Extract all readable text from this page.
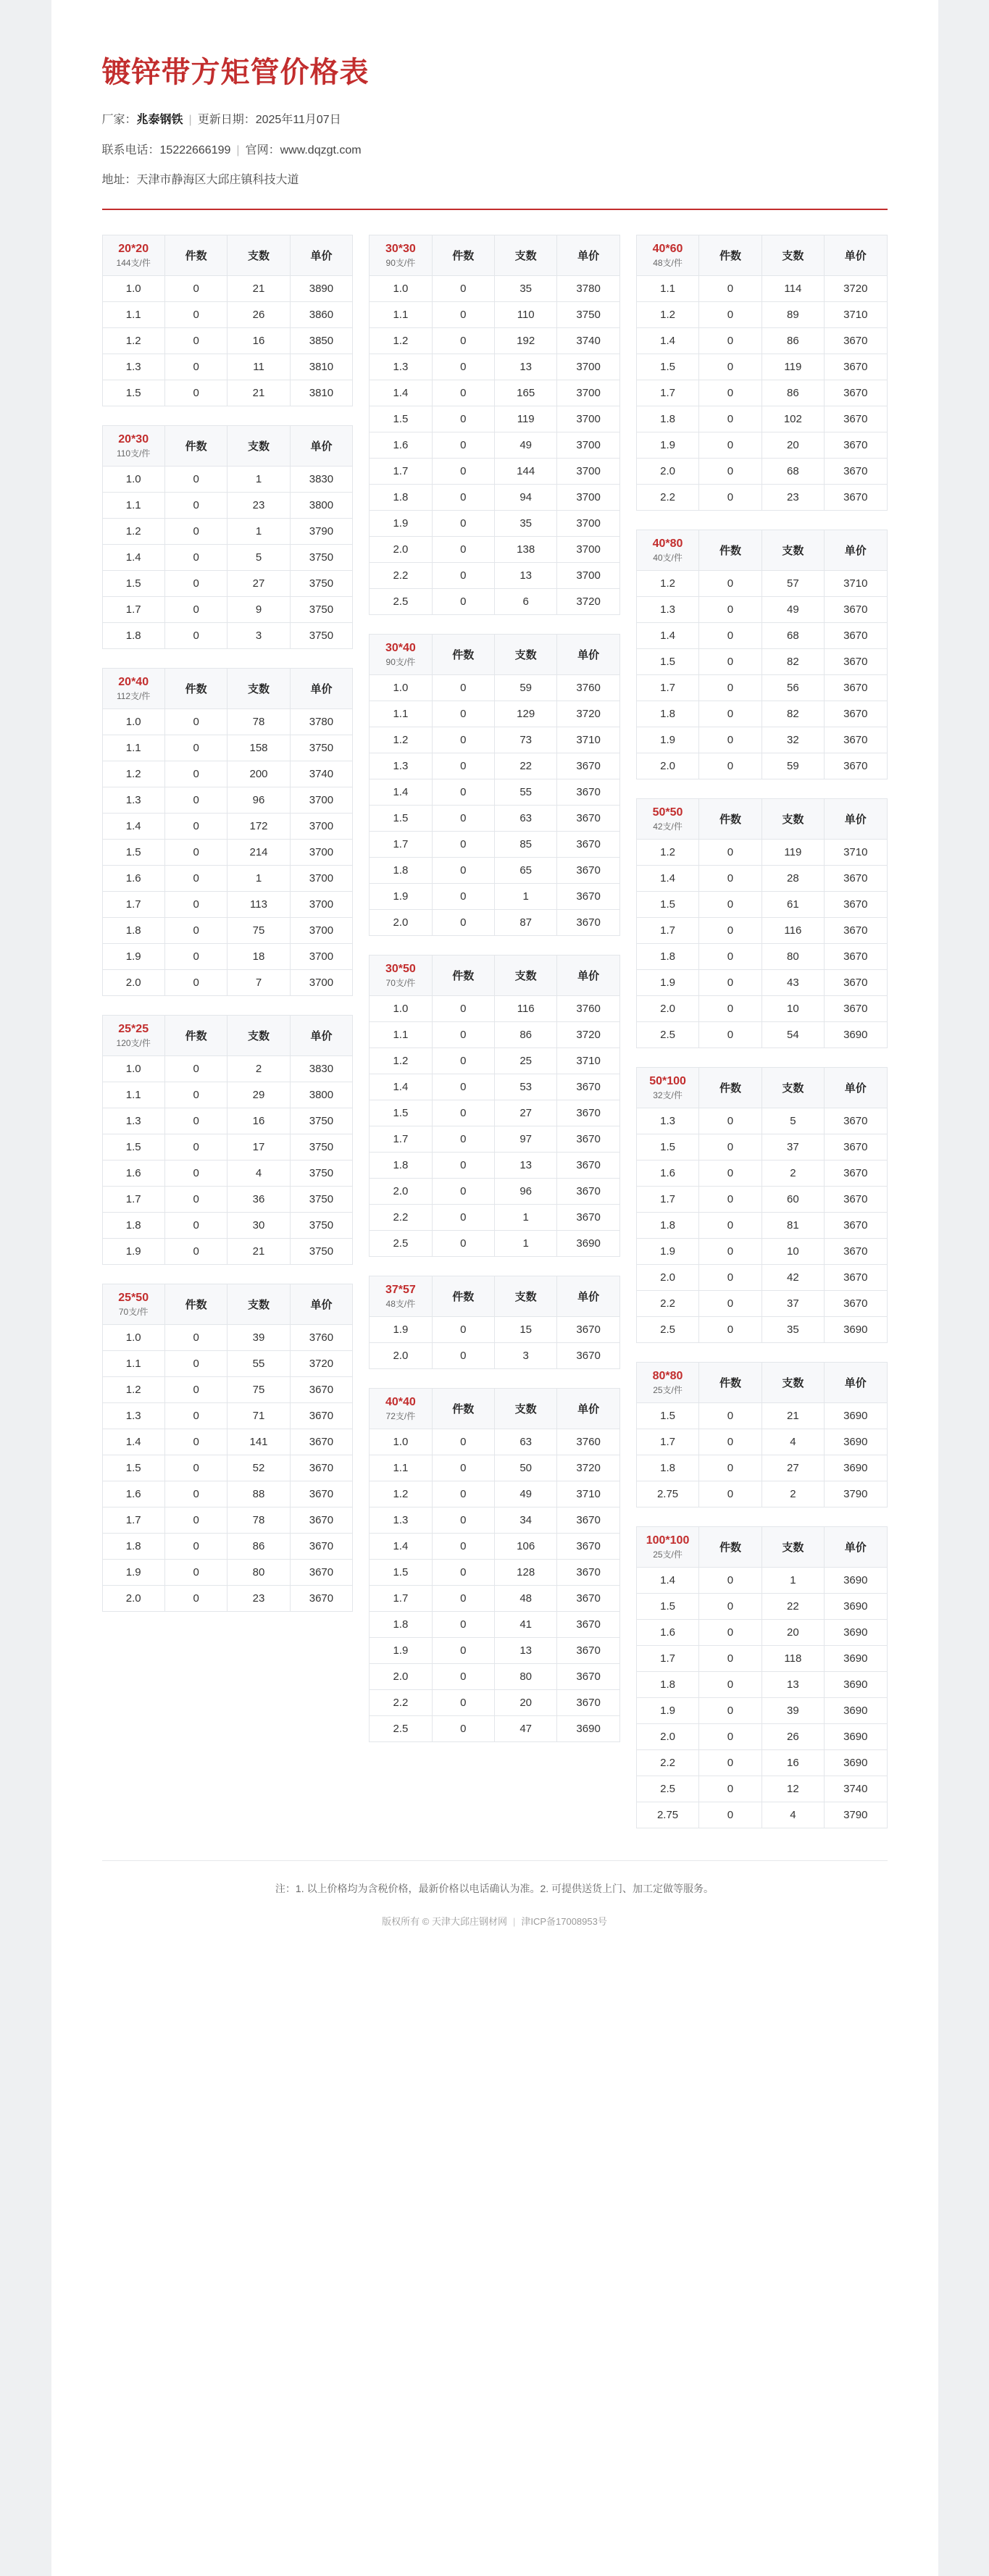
镀锌带方矩管价格表
厂家：兆泰钢铁 | 更新日期：2025年11月07日
联系电话：15222666199 | 官网：www.dqzgt.com
地址：天津市静海区大邱庄镇科技大道
20*20
144支/件	件数	支数	单价
1.0	0	21	3890
1.1	0	26	3860
1.2	0	16	3850
1.3	0	11	3810
1.5	0	21	3810
20*30
110支/件	件数	支数	单价
1.0	0	1	3830
1.1	0	23	3800
1.2	0	1	3790
1.4	0	5	3750
1.5	0	27	3750
1.7	0	9	3750
1.8	0	3	3750
20*40
112支/件	件数	支数	单价
1.0	0	78	3780
1.1	0	158	3750
1.2	0	200	3740
1.3	0	96	3700
1.4	0	172	3700
1.5	0	214	3700
1.6	0	1	3700
1.7	0	113	3700
1.8	0	75	3700
1.9	0	18	3700
2.0	0	7	3700
25*25
120支/件	件数	支数	单价
1.0	0	2	3830
1.1	0	29	3800
1.3	0	16	3750
1.5	0	17	3750
1.6	0	4	3750
1.7	0	36	3750
1.8	0	30	3750
1.9	0	21	3750
25*50
70支/件	件数	支数	单价
1.0	0	39	3760
1.1	0	55	3720
1.2	0	75	3670
1.3	0	71	3670
1.4	0	141	3670
1.5	0	52	3670
1.6	0	88	3670
1.7	0	78	3670
1.8	0	86	3670
1.9	0	80	3670
2.0	0	23	3670
30*30
90支/件	件数	支数	单价
1.0	0	35	3780
1.1	0	110	3750
1.2	0	192	3740
1.3	0	13	3700
1.4	0	165	3700
1.5	0	119	3700
1.6	0	49	3700
1.7	0	144	3700
1.8	0	94	3700
1.9	0	35	3700
2.0	0	138	3700
2.2	0	13	3700
2.5	0	6	3720
30*40
90支/件	件数	支数	单价
1.0	0	59	3760
1.1	0	129	3720
1.2	0	73	3710
1.3	0	22	3670
1.4	0	55	3670
1.5	0	63	3670
1.7	0	85	3670
1.8	0	65	3670
1.9	0	1	3670
2.0	0	87	3670
30*50
70支/件	件数	支数	单价
1.0	0	116	3760
1.1	0	86	3720
1.2	0	25	3710
1.4	0	53	3670
1.5	0	27	3670
1.7	0	97	3670
1.8	0	13	3670
2.0	0	96	3670
2.2	0	1	3670
2.5	0	1	3690
37*57
48支/件	件数	支数	单价
1.9	0	15	3670
2.0	0	3	3670
40*40
72支/件	件数	支数	单价
1.0	0	63	3760
1.1	0	50	3720
1.2	0	49	3710
1.3	0	34	3670
1.4	0	106	3670
1.5	0	128	3670
1.7	0	48	3670
1.8	0	41	3670
1.9	0	13	3670
2.0	0	80	3670
2.2	0	20	3670
2.5	0	47	3690
40*60
48支/件	件数	支数	单价
1.1	0	114	3720
1.2	0	89	3710
1.4	0	86	3670
1.5	0	119	3670
1.7	0	86	3670
1.8	0	102	3670
1.9	0	20	3670
2.0	0	68	3670
2.2	0	23	3670
40*80
40支/件	件数	支数	单价
1.2	0	57	3710
1.3	0	49	3670
1.4	0	68	3670
1.5	0	82	3670
1.7	0	56	3670
1.8	0	82	3670
1.9	0	32	3670
2.0	0	59	3670
50*50
42支/件	件数	支数	单价
1.2	0	119	3710
1.4	0	28	3670
1.5	0	61	3670
1.7	0	116	3670
1.8	0	80	3670
1.9	0	43	3670
2.0	0	10	3670
2.5	0	54	3690
50*100
32支/件	件数	支数	单价
1.3	0	5	3670
1.5	0	37	3670
1.6	0	2	3670
1.7	0	60	3670
1.8	0	81	3670
1.9	0	10	3670
2.0	0	42	3670
2.2	0	37	3670
2.5	0	35	3690
80*80
25支/件	件数	支数	单价
1.5	0	21	3690
1.7	0	4	3690
1.8	0	27	3690
2.75	0	2	3790
100*100
25支/件	件数	支数	单价
1.4	0	1	3690
1.5	0	22	3690
1.6	0	20	3690
1.7	0	118	3690
1.8	0	13	3690
1.9	0	39	3690
2.0	0	26	3690
2.2	0	16	3690
2.5	0	12	3740
2.75	0	4	3790
注：1. 以上价格均为含税价格，最新价格以电话确认为准。2. 可提供送货上门、加工定做等服务。
版权所有 © 天津大邱庄钢材网 | 津ICP备17008953号
